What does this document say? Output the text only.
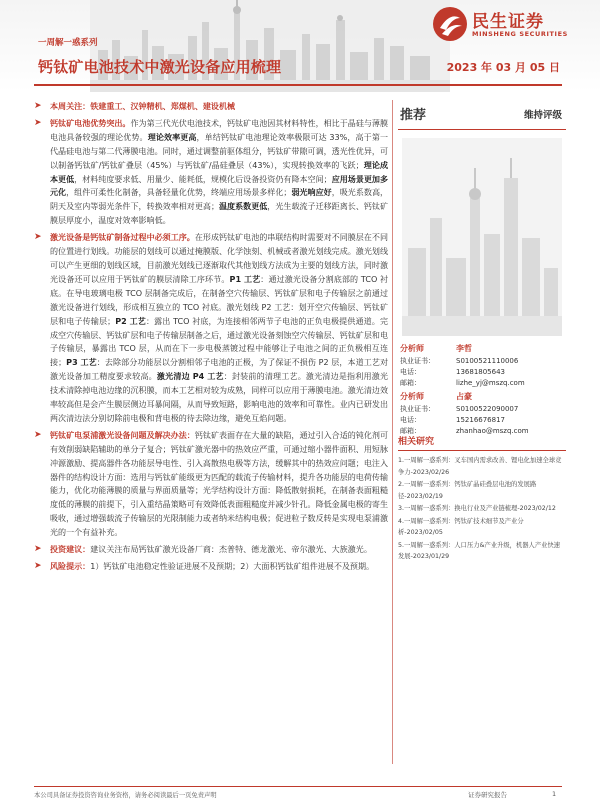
民生证券
MINSHENG SECURITIES
一周解一惑系列
钙钛矿电池技术中激光设备应用梳理	2023 年 03 月 05 日
➤ 本周关注：铁建重工、汉钟精机、郑煤机、建设机械
➤ 钙钛矿电池优势突出。作为第三代光伏电池技术，钙钛矿电池因其材料特性，相比于晶硅与薄膜电池具备较强的理论优势。理论效率更高，单结钙钛矿电池理论效率极限可达 33%，高于第一代晶硅电池与第二代薄膜电池。同时，通过调整前驱体组分，钙钛矿带隙可调，透光性优异，可以制备钙钛矿/钙钛矿叠层（45%）与钙钛矿/晶硅叠层（43%），实现转换效率的飞跃；理论成本更低，材料纯度要求低、用量少、能耗低，规模化后设备投资仍有降本空间；应用场景更加多元化，组件可柔性化制备，具备轻量化优势，终端应用场景多样化；弱光响应好，吸光系数高，阴天及室内等弱光条件下，转换效率相对更高；温度系数更低，光生载流子迁移距离长、钙钛矿膜层厚度小，温度对效率影响低。
➤ 激光设备是钙钛矿制备过程中必须工序。在形成钙钛矿电池的串联结构时需要对不同膜层在不同的位置进行划线。功能层的划线可以通过掩膜版、化学蚀刻、机械或者激光划线完成。激光划线可以产生更细的划线区域，目前激光划线已逐渐取代其他划线方法成为主要的划线方法，同时激光设备还可以应用于钙钛矿的膜层清除工序环节。P1 工艺：通过激光设备分割底部的 TCO 衬底。在导电玻璃电极 TCO 层制备完成后，在制备空穴传输层、钙钛矿层和电子传输层之前通过激光设备进行划线，形成相互独立的 TCO 衬底。激光划线 P2 工艺：划开空穴传输层、钙钛矿层和电子传输层；P2 工艺：露出 TCO 衬底，为连接相邻两节子电池的正负电极提供通道。完成空穴传输层、钙钛矿层和电子传输层制备之后，通过激光设备刻蚀空穴传输层、钙钛矿层和电子传输层，暴露出 TCO 层，从而在下一步电极蒸镀过程中能够让子电池之间的正负极相互连接；P3 工艺：去除部分功能层以分割相邻子电池的正极，为了保证不损伤 P2 层，本道工艺对激光设备加工精度要求较高。激光清边 P4 工艺：封装前的清理工艺。激光清边是指利用激光技术清除掉电池边缘的沉积膜，而本工艺相对较为成熟，同样可以应用于薄膜电池。激光清边效率较高但是会产生膜层侧边耳暴间隔，从而导致短路，影响电池的效率和可靠性。业内已研发出两次清边法分别切除前电极和背电极的待去除边缘，避免互焰问题。
➤ 钙钛矿电泵浦激光设备问题及解决办法：钙钛矿表面存在大量的缺陷，通过引入合适的钝化剂可有效削弱缺陷辅助的单分子复合；钙钛矿激光器中的热效应严重，可通过缩小器件面积、用短脉冲源激励、提高器件各功能层导电性、引入高散热电极等方法，缓解其中的热效应问题；电注入器件的结构设计方面：选用与钙钛矿能级更为匹配的载流子传输材料，提升各功能层的电荷传输能力，优化功能薄膜的质量与界面质量等；光学结构设计方面：降低散射损耗，在制备表面粗糙度低的薄膜的前提下，引入重结晶策略可有效降低表面粗糙度并减少针孔。降低金属电极的寄生吸收，通过增强载流子传输层的光限制能力或者纳米结构电极；促进粒子数反转是实现电泵浦激光的一个有益补充。
➤ 投资建议：建议关注布局钙钛矿激光设备厂商：杰普特、德龙激光、帝尔激光、大族激光。
➤ 风险提示：1）钙钛矿电池稳定性验证进展不及预期；2）大面积钙钛矿组件进展不及预期。
推荐	维持评级
分析师	李哲
执业证书：	S0100521110006
电话：	13681805643
邮箱：	lizhe_yj@mszq.com
分析师	占豪
执业证书：	S0100522090007
电话：	15216676817
邮箱：	zhanhao@mszq.com
相关研究
1.一周解一惑系列：叉车国内需求改善、锂电化加速全球竞争力-2023/02/26
2.一周解一惑系列：钙钛矿晶硅叠层电池的发展路径-2023/02/19
3.一周解一惑系列：换电行业及产业链梳理-2023/02/12
4.一周解一惑系列：钙钛矿技术细节及产业分析-2023/02/05
5.一周解一惑系列：人口压力&产业升级，机器人产业快速发展-2023/01/29
本公司具备证券投资咨询业务资格，请务必阅读最后一页免责声明	证券研究报告	1
